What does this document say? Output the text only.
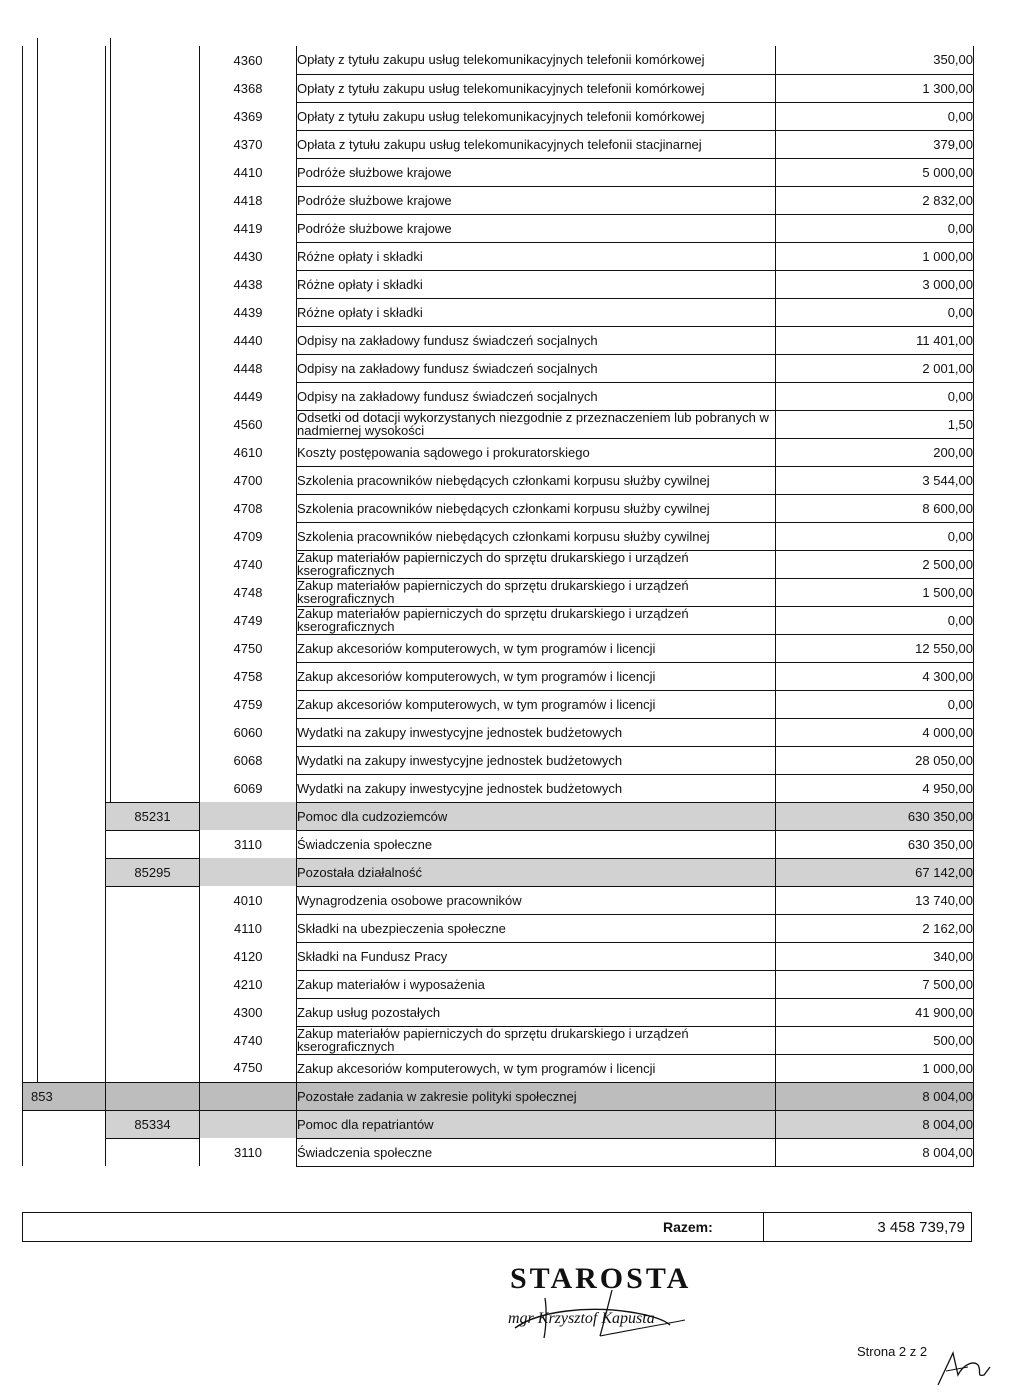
		4360	Opłaty z tytułu zakupu usług telekomunikacyjnych telefonii komórkowej	350,00
		4368	Opłaty z tytułu zakupu usług telekomunikacyjnych telefonii komórkowej	1 300,00
		4369	Opłaty z tytułu zakupu usług telekomunikacyjnych telefonii komórkowej	0,00
		4370	Opłata z tytułu zakupu usług telekomunikacyjnych telefonii stacjinarnej	379,00
		4410	Podróże służbowe krajowe	5 000,00
		4418	Podróże służbowe krajowe	2 832,00
		4419	Podróże służbowe krajowe	0,00
		4430	Różne opłaty i składki	1 000,00
		4438	Różne opłaty i składki	3 000,00
		4439	Różne opłaty i składki	0,00
		4440	Odpisy na zakładowy fundusz świadczeń socjalnych	11 401,00
		4448	Odpisy na zakładowy fundusz świadczeń socjalnych	2 001,00
		4449	Odpisy na zakładowy fundusz świadczeń socjalnych	0,00
		4560	Odsetki od dotacji wykorzystanych niezgodnie z przeznaczeniem lub pobranych w nadmiernej wysokości	1,50
		4610	Koszty postępowania sądowego i prokuratorskiego	200,00
		4700	Szkolenia pracowników niebędących członkami korpusu służby cywilnej	3 544,00
		4708	Szkolenia pracowników niebędących członkami korpusu służby cywilnej	8 600,00
		4709	Szkolenia pracowników niebędących członkami korpusu służby cywilnej	0,00
		4740	Zakup materiałów papierniczych do sprzętu drukarskiego i urządzeń kserograficznych	2 500,00
		4748	Zakup materiałów papierniczych do sprzętu drukarskiego i urządzeń kserograficznych	1 500,00
		4749	Zakup materiałów papierniczych do sprzętu drukarskiego i urządzeń kserograficznych	0,00
		4750	Zakup akcesoriów komputerowych, w tym programów i licencji	12 550,00
		4758	Zakup akcesoriów komputerowych, w tym programów i licencji	4 300,00
		4759	Zakup akcesoriów komputerowych, w tym programów i licencji	0,00
		6060	Wydatki na zakupy inwestycyjne jednostek budżetowych	4 000,00
		6068	Wydatki na zakupy inwestycyjne jednostek budżetowych	28 050,00
		6069	Wydatki na zakupy inwestycyjne jednostek budżetowych	4 950,00
	85231		Pomoc dla cudzoziemców	630 350,00
		3110	Świadczenia społeczne	630 350,00
	85295		Pozostała działalność	67 142,00
		4010	Wynagrodzenia osobowe pracowników	13 740,00
		4110	Składki na ubezpieczenia społeczne	2 162,00
		4120	Składki na Fundusz Pracy	340,00
		4210	Zakup materiałów i wyposażenia	7 500,00
		4300	Zakup usług pozostałych	41 900,00
		4740	Zakup materiałów papierniczych do sprzętu drukarskiego i urządzeń kserograficznych	500,00
		4750	Zakup akcesoriów komputerowych, w tym programów i licencji	1 000,00
853			Pozostałe zadania w zakresie polityki społecznej	8 004,00
	85334		Pomoc dla repatriantów	8 004,00
		3110	Świadczenia społeczne	8 004,00
Razem:	3 458 739,79
STAROSTA
mgr Krzysztof Kapusta
Strona 2 z 2
